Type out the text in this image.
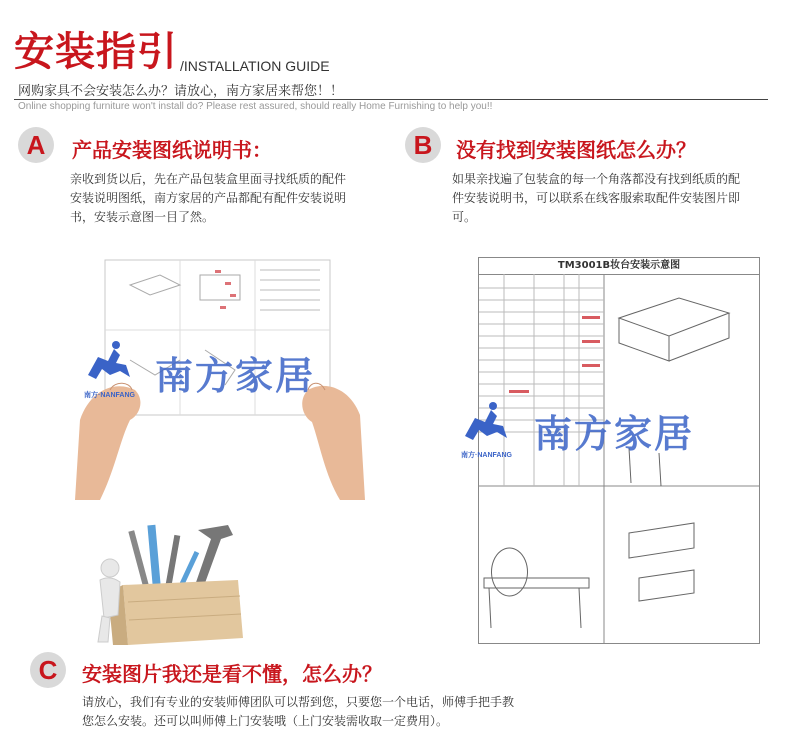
安装指引 /INSTALLATION GUIDE
网购家具不会安装怎么办？请放心，南方家居来帮您！！
Online shopping furniture won't install do? Please rest assured, should really Home Furnishing to help you!!
A	产品安装图纸说明书：
亲收到货以后，先在产品包装盒里面寻找纸质的配件
安装说明图纸，南方家居的产品都配有配件安装说明
书，安装示意图一目了然。
B	没有找到安装图纸怎么办？
如果亲找遍了包装盒的每一个角落都没有找到纸质的配
件安装说明书，可以联系在线客服索取配件安装图片即
可。
南方家居
南方·NANFANG
TM3001B妆台安装示意图
南方家居
南方·NANFANG
C	安装图片我还是看不懂，怎么办？
请放心，我们有专业的安装师傅团队可以帮到您，只要您一个电话，师傅手把手教
您怎么安装。还可以叫师傅上门安装哦（上门安装需收取一定费用）。
